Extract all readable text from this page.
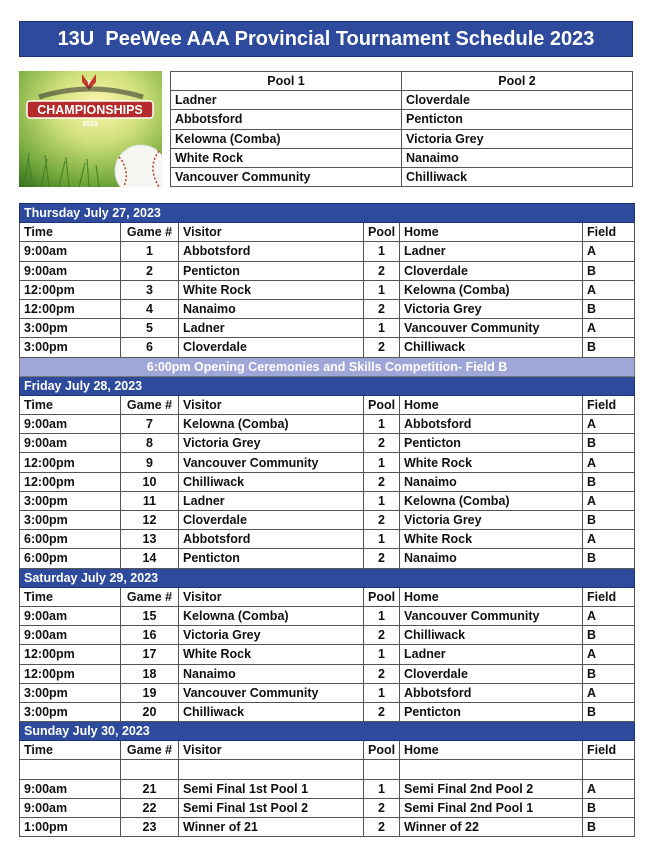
13U  PeeWee AAA Provincial Tournament Schedule 2023
7
CHAMPIONSHIPS
2023
Pool 1	Pool 2
Ladner	Cloverdale
Abbotsford	Penticton
Kelowna (Comba)	Victoria Grey
White Rock	Nanaimo
Vancouver Community	Chilliwack
Thursday July 27, 2023					
Time	Game #	Visitor	Pool	Home	Field
9:00am	1	Abbotsford	1	Ladner	A
9:00am	2	Penticton	2	Cloverdale	B
12:00pm	3	White Rock	1	Kelowna (Comba)	A
12:00pm	4	Nanaimo	2	Victoria Grey	B
3:00pm	5	Ladner	1	Vancouver Community	A
3:00pm	6	Cloverdale	2	Chilliwack	B
6:00pm Opening Ceremonies and Skills Competition- Field B					
Friday July 28, 2023					
Time	Game #	Visitor	Pool	Home	Field
9:00am	7	Kelowna (Comba)	1	Abbotsford	A
9:00am	8	Victoria Grey	2	Penticton	B
12:00pm	9	Vancouver Community	1	White Rock	A
12:00pm	10	Chilliwack	2	Nanaimo	B
3:00pm	11	Ladner	1	Kelowna (Comba)	A
3:00pm	12	Cloverdale	2	Victoria Grey	B
6:00pm	13	Abbotsford	1	White Rock	A
6:00pm	14	Penticton	2	Nanaimo	B
Saturday July 29, 2023					
Time	Game #	Visitor	Pool	Home	Field
9:00am	15	Kelowna (Comba)	1	Vancouver Community	A
9:00am	16	Victoria Grey	2	Chilliwack	B
12:00pm	17	White Rock	1	Ladner	A
12:00pm	18	Nanaimo	2	Cloverdale	B
3:00pm	19	Vancouver Community	1	Abbotsford	A
3:00pm	20	Chilliwack	2	Penticton	B
Sunday July 30, 2023					
Time	Game #	Visitor	Pool	Home	Field

9:00am	21	Semi Final 1st Pool 1	1	Semi Final 2nd Pool 2	A
9:00am	22	Semi Final 1st Pool 2	2	Semi Final 2nd Pool 1	B
1:00pm	23	Winner of 21	2	Winner of 22	B
